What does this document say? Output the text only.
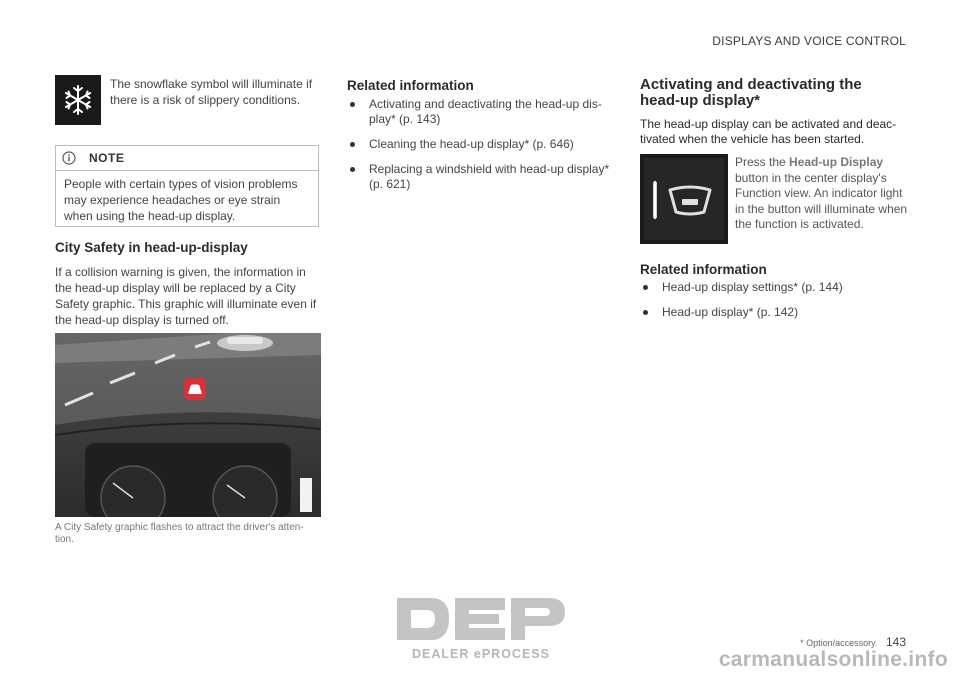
DISPLAYS AND VOICE CONTROL
The snowflake symbol will illuminate if there is a risk of slippery conditions.
NOTE
People with certain types of vision problems may experience headaches or eye strain when using the head-up display.
City Safety in head-up-display
If a collision warning is given, the information in the head-up display will be replaced by a City Safety graphic. This graphic will illuminate even if the head-up display is turned off.
A City Safety graphic flashes to attract the driver's atten-tion.
Related information
Activating and deactivating the head-up dis-play* (p. 143)
Cleaning the head-up display* (p. 646)
Replacing a windshield with head-up display* (p. 621)
Activating and deactivating the
head-up display*
The head-up display can be activated and deac-tivated when the vehicle has been started.
Press the Head-up Display button in the center display's Function view. An indicator light in the button will illuminate when the function is activated.
Related information
Head-up display settings* (p. 144)
Head-up display* (p. 142)
* Option/accessory. 143
DEALER ePROCESS	carmanualsonline.info
